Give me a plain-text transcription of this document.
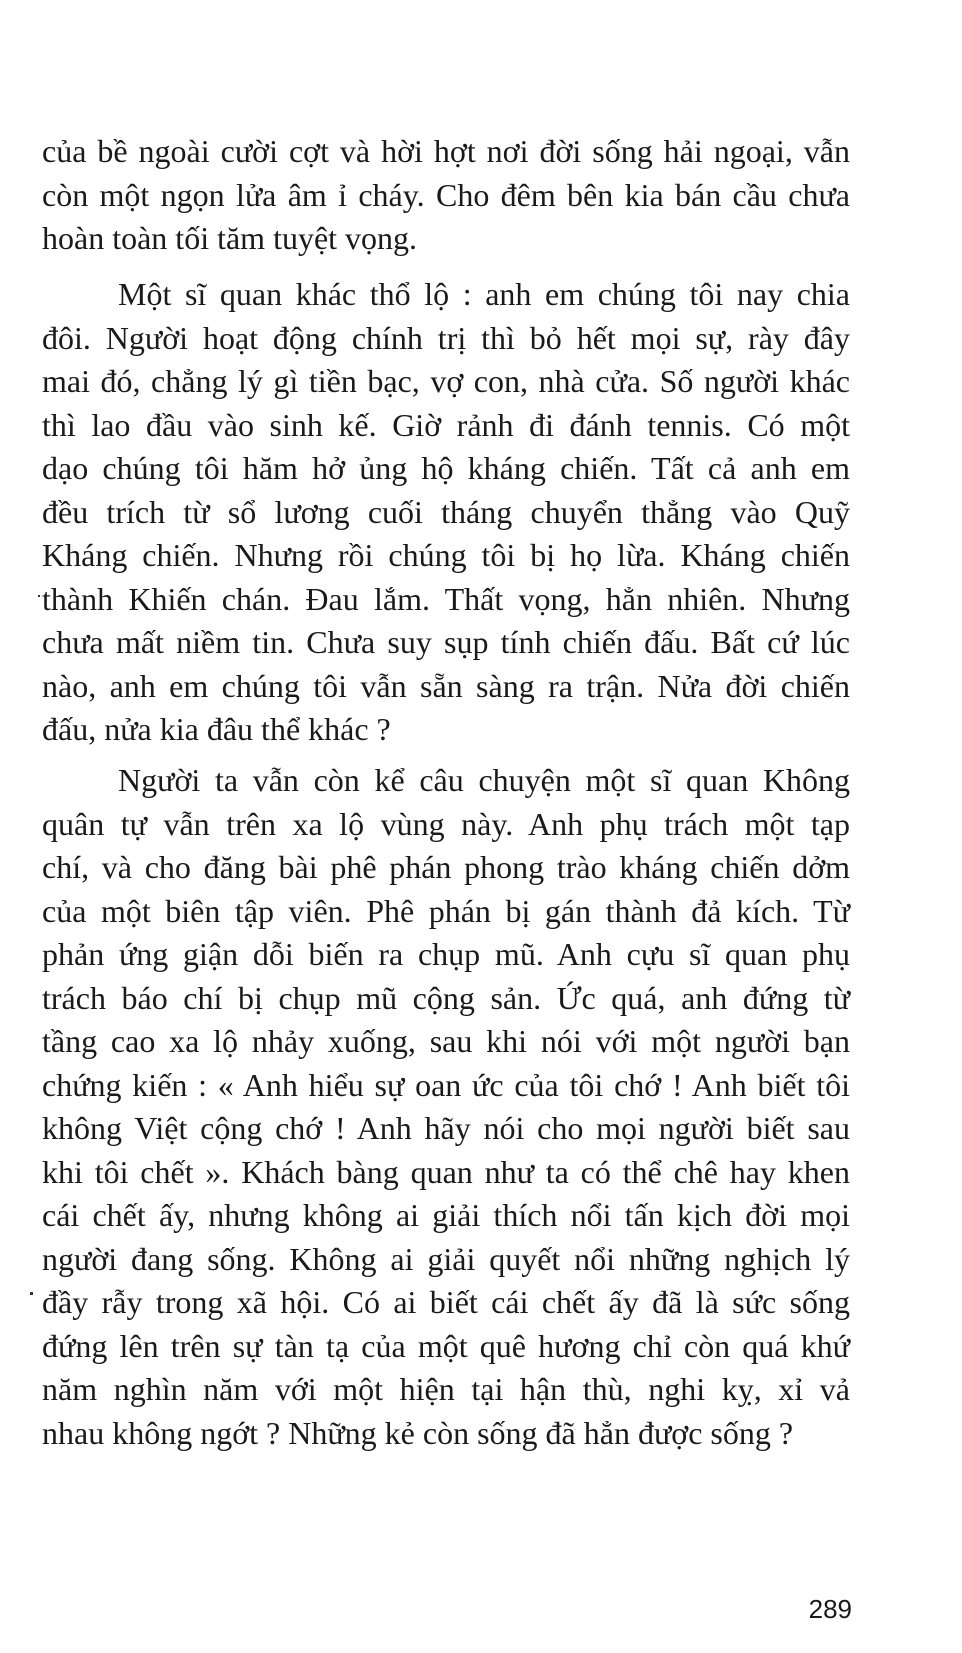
của bề ngoài cười cợt và hời hợt nơi đời sống hải ngoại, vẫn
còn một ngọn lửa âm ỉ cháy. Cho đêm bên kia bán cầu chưa
hoàn toàn tối tăm tuyệt vọng.
Một sĩ quan khác thổ lộ : anh em chúng tôi nay chia
đôi. Người hoạt động chính trị thì bỏ hết mọi sự, rày đây
mai đó, chẳng lý gì tiền bạc, vợ con, nhà cửa. Số người khác
thì lao đầu vào sinh kế. Giờ rảnh đi đánh tennis. Có một
dạo chúng tôi hăm hở ủng hộ kháng chiến. Tất cả anh em
đều trích từ sổ lương cuối tháng chuyển thẳng vào Quỹ
Kháng chiến. Nhưng rồi chúng tôi bị họ lừa. Kháng chiến
thành Khiến chán. Đau lắm. Thất vọng, hẳn nhiên. Nhưng
chưa mất niềm tin. Chưa suy sụp tính chiến đấu. Bất cứ lúc
nào, anh em chúng tôi vẫn sẵn sàng ra trận. Nửa đời chiến
đấu, nửa kia đâu thể khác ?
Người ta vẫn còn kể câu chuyện một sĩ quan Không
quân tự vẫn trên xa lộ vùng này. Anh phụ trách một tạp
chí, và cho đăng bài phê phán phong trào kháng chiến dởm
của một biên tập viên. Phê phán bị gán thành đả kích. Từ
phản ứng giận dỗi biến ra chụp mũ. Anh cựu sĩ quan phụ
trách báo chí bị chụp mũ cộng sản. Ức quá, anh đứng từ
tầng cao xa lộ nhảy xuống, sau khi nói với một người bạn
chứng kiến : « Anh hiểu sự oan ức của tôi chớ ! Anh biết tôi
không Việt cộng chớ ! Anh hãy nói cho mọi người biết sau
khi tôi chết ». Khách bàng quan như ta có thể chê hay khen
cái chết ấy, nhưng không ai giải thích nổi tấn kịch đời mọi
người đang sống. Không ai giải quyết nổi những nghịch lý
đầy rẫy trong xã hội. Có ai biết cái chết ấy đã là sức sống
đứng lên trên sự tàn tạ của một quê hương chỉ còn quá khứ
năm nghìn năm với một hiện tại hận thù, nghi kỵ, xỉ vả
nhau không ngớt ? Những kẻ còn sống đã hẳn được sống ?
289
